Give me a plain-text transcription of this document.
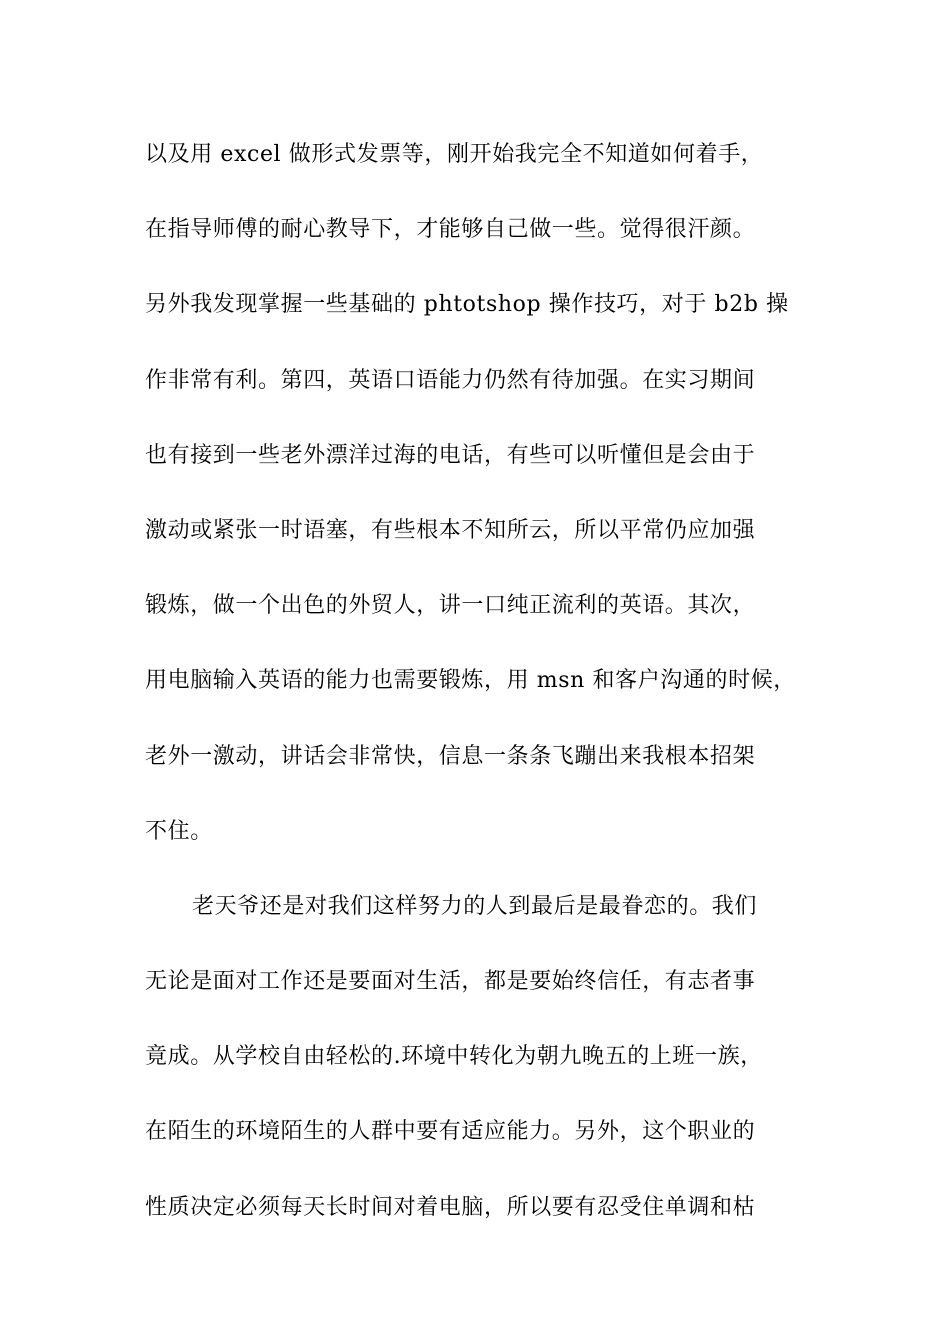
以及用 excel 做形式发票等，刚开始我完全不知道如何着手，
在指导师傅的耐心教导下，才能够自己做一些。觉得很汗颜。
另外我发现掌握一些基础的 phtotshop 操作技巧，对于 b2b 操
作非常有利。第四，英语口语能力仍然有待加强。在实习期间
也有接到一些老外漂洋过海的电话，有些可以听懂但是会由于
激动或紧张一时语塞，有些根本不知所云，所以平常仍应加强
锻炼，做一个出色的外贸人，讲一口纯正流利的英语。其次，
用电脑输入英语的能力也需要锻炼，用 msn 和客户沟通的时候，
老外一激动，讲话会非常快，信息一条条飞蹦出来我根本招架
不住。
老天爷还是对我们这样努力的人到最后是最眷恋的。我们
无论是面对工作还是要面对生活，都是要始终信任，有志者事
竟成。从学校自由轻松的.环境中转化为朝九晚五的上班一族，
在陌生的环境陌生的人群中要有适应能力。另外，这个职业的
性质决定必须每天长时间对着电脑，所以要有忍受住单调和枯
